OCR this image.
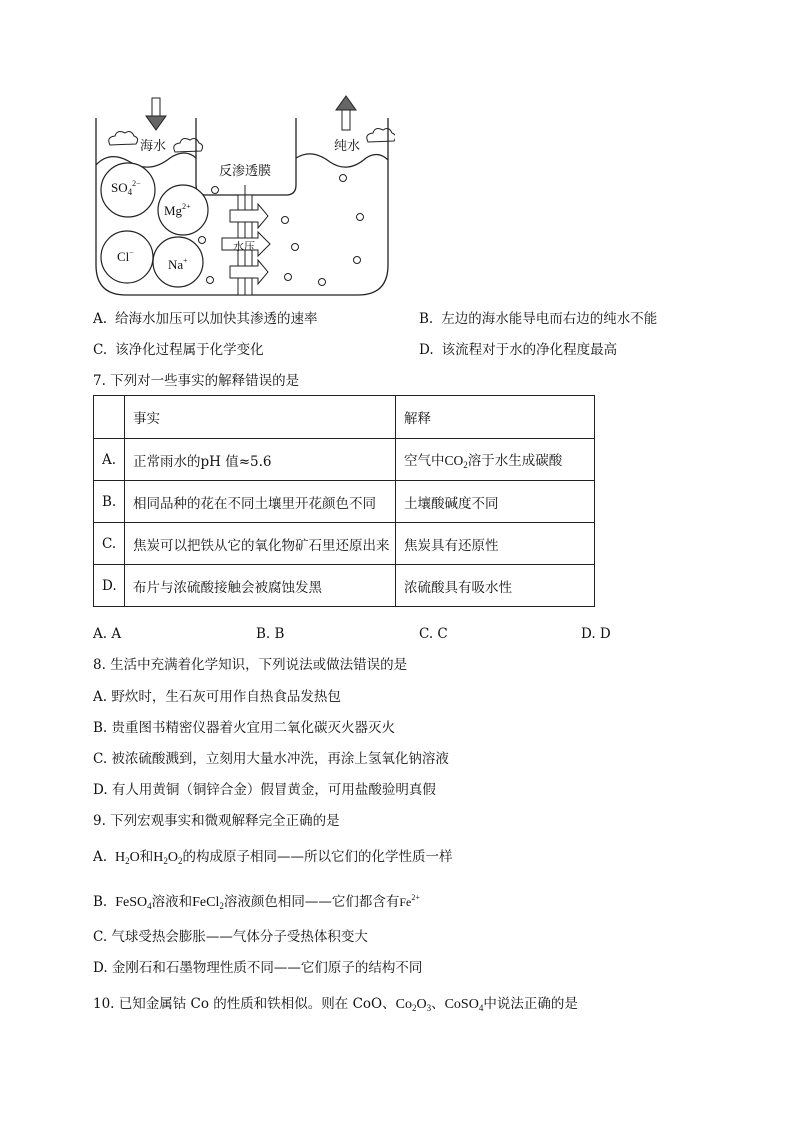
海水	纯水
反渗透膜
水压
$SO_4^{2-}$
$Mg^{2+}$
Cl−
Na+
A. 给海水加压可以加快其渗透的速率	B. 左边的海水能导电而右边的纯水不能
C. 该净化过程属于化学变化	D. 该流程对于水的净化程度最高
7. 下列对一些事实的解释错误的是
	事实	解释
A.	正常雨水的pH 值≈5.6	空气中$CO_2$溶于水生成碳酸
B.	相同品种的花在不同土壤里开花颜色不同	土壤酸碱度不同
C.	焦炭可以把铁从它的氧化物矿石里还原出来	焦炭具有还原性
D.	布片与浓硫酸接触会被腐蚀发黑	浓硫酸具有吸水性
A. A	B. B	C. C	D. D
8. 生活中充满着化学知识，下列说法或做法错误的是
A. 野炊时，生石灰可用作自热食品发热包
B. 贵重图书精密仪器着火宜用二氧化碳灭火器灭火
C. 被浓硫酸溅到，立刻用大量水冲洗，再涂上氢氧化钠溶液
D. 有人用黄铜（铜锌合金）假冒黄金，可用盐酸验明真假
9. 下列宏观事实和微观解释完全正确的是
A. $H_2O$和$H_2O_2$的构成原子相同——所以它们的化学性质一样
B. FeSO$_4$溶液和FeCl$_2$溶液颜色相同——它们都含有$Fe^{2+}$
C. 气球受热会膨胀——气体分子受热体积变大
D. 金刚石和石墨物理性质不同——它们原子的结构不同
10. 已知金属钴 Co 的性质和铁相似。则在 CoO、$Co_2O_3$、CoSO$_4$中说法正确的是
